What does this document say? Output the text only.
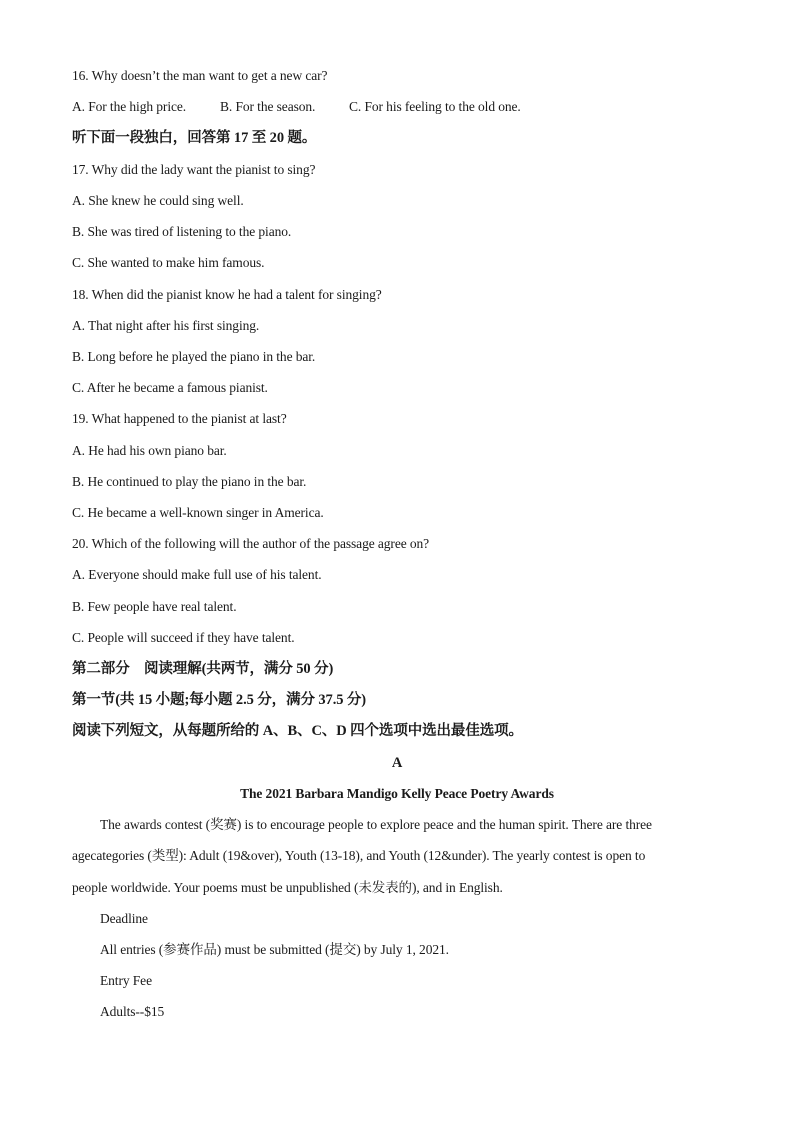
16. Why doesn’t the man want to get a new car?
A. For the high price.	B. For the season.	C. For his feeling to the old one.
听下面一段独白，回答第 17 至 20 题。
17. Why did the lady want the pianist to sing?
A. She knew he could sing well.
B. She was tired of listening to the piano.
C. She wanted to make him famous.
18. When did the pianist know he had a talent for singing?
A. That night after his first singing.
B. Long before he played the piano in the bar.
C. After he became a famous pianist.
19. What happened to the pianist at last?
A. He had his own piano bar.
B. He continued to play the piano in the bar.
C. He became a well-known singer in America.
20. Which of the following will the author of the passage agree on?
A. Everyone should make full use of his talent.
B. Few people have real talent.
C. People will succeed if they have talent.
第二部分　阅读理解(共两节，满分 50 分)
第一节(共 15 小题;每小题 2.5 分，满分 37.5 分)
阅读下列短文，从每题所给的 A、B、C、D 四个选项中选出最佳选项。
A
The 2021 Barbara Mandigo Kelly Peace Poetry Awards
The awards contest (奖赛) is to encourage people to explore peace and the human spirit. There are three
agecategories (类型): Adult (19&over), Youth (13-18), and Youth (12&under). The yearly contest is open to
people worldwide. Your poems must be unpublished (未发表的), and in English.
Deadline
All entries (参赛作品) must be submitted (提交) by July 1, 2021.
Entry Fee
Adults--$15
